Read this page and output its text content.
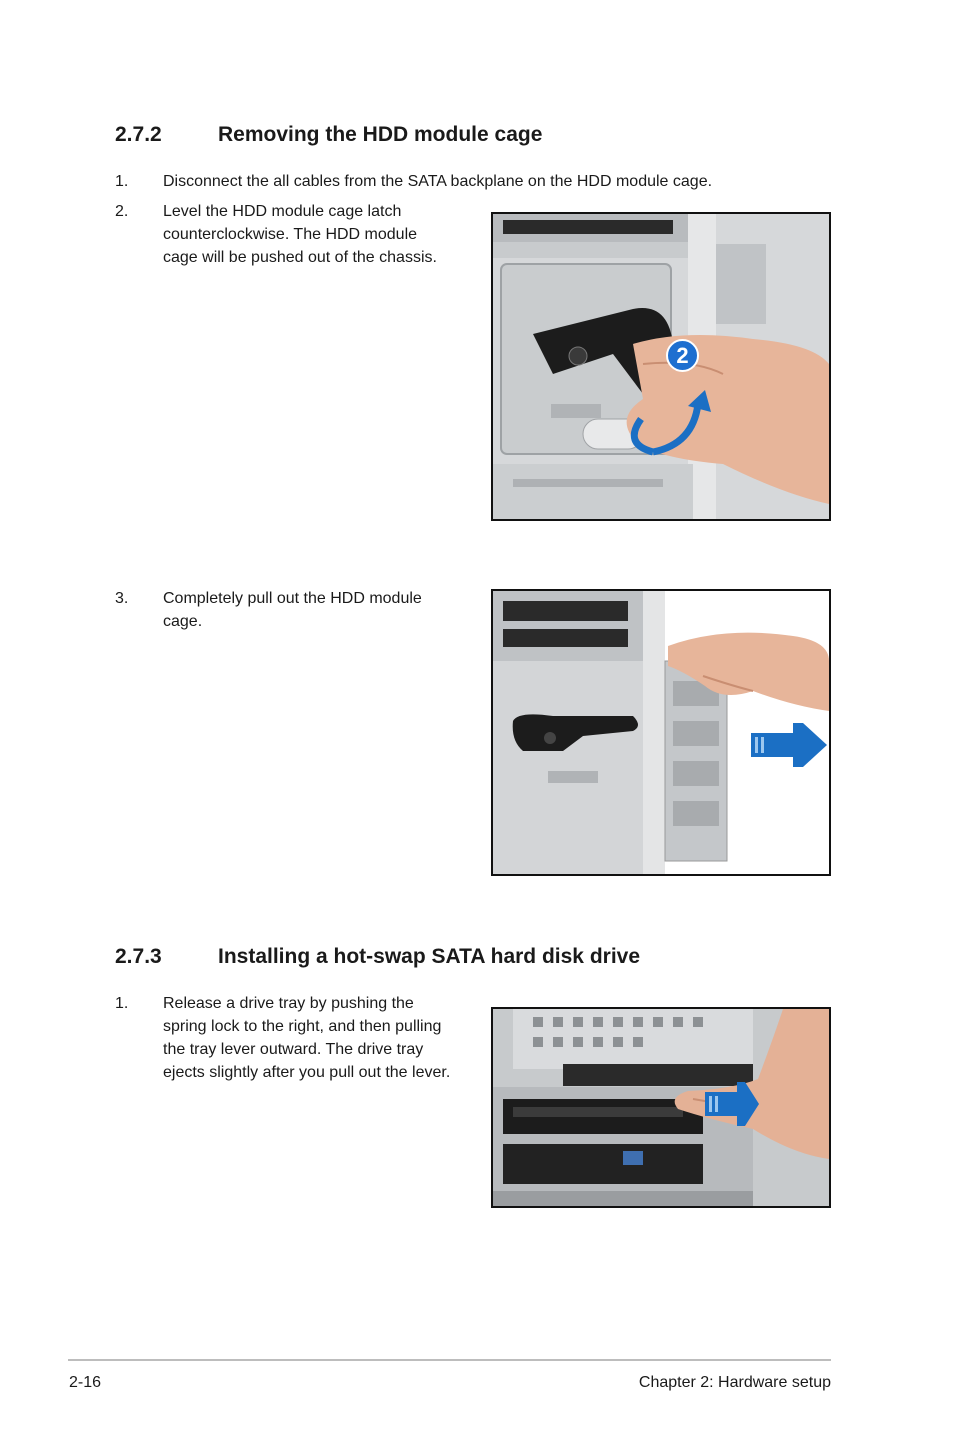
2.7.2	Removing the HDD module cage
1. Disconnect the all cables from the SATA backplane on the HDD module cage.
2. Level the HDD module cage latch
counterclockwise. The HDD module
cage will be pushed out of the chassis.
2
3. Completely pull out the HDD module
cage.
2.7.3	Installing a hot-swap SATA hard disk drive
1. Release a drive tray by pushing the
spring lock to the right, and then pulling
the tray lever outward. The drive tray
ejects slightly after you pull out the lever.
2-16	Chapter 2: Hardware setup
